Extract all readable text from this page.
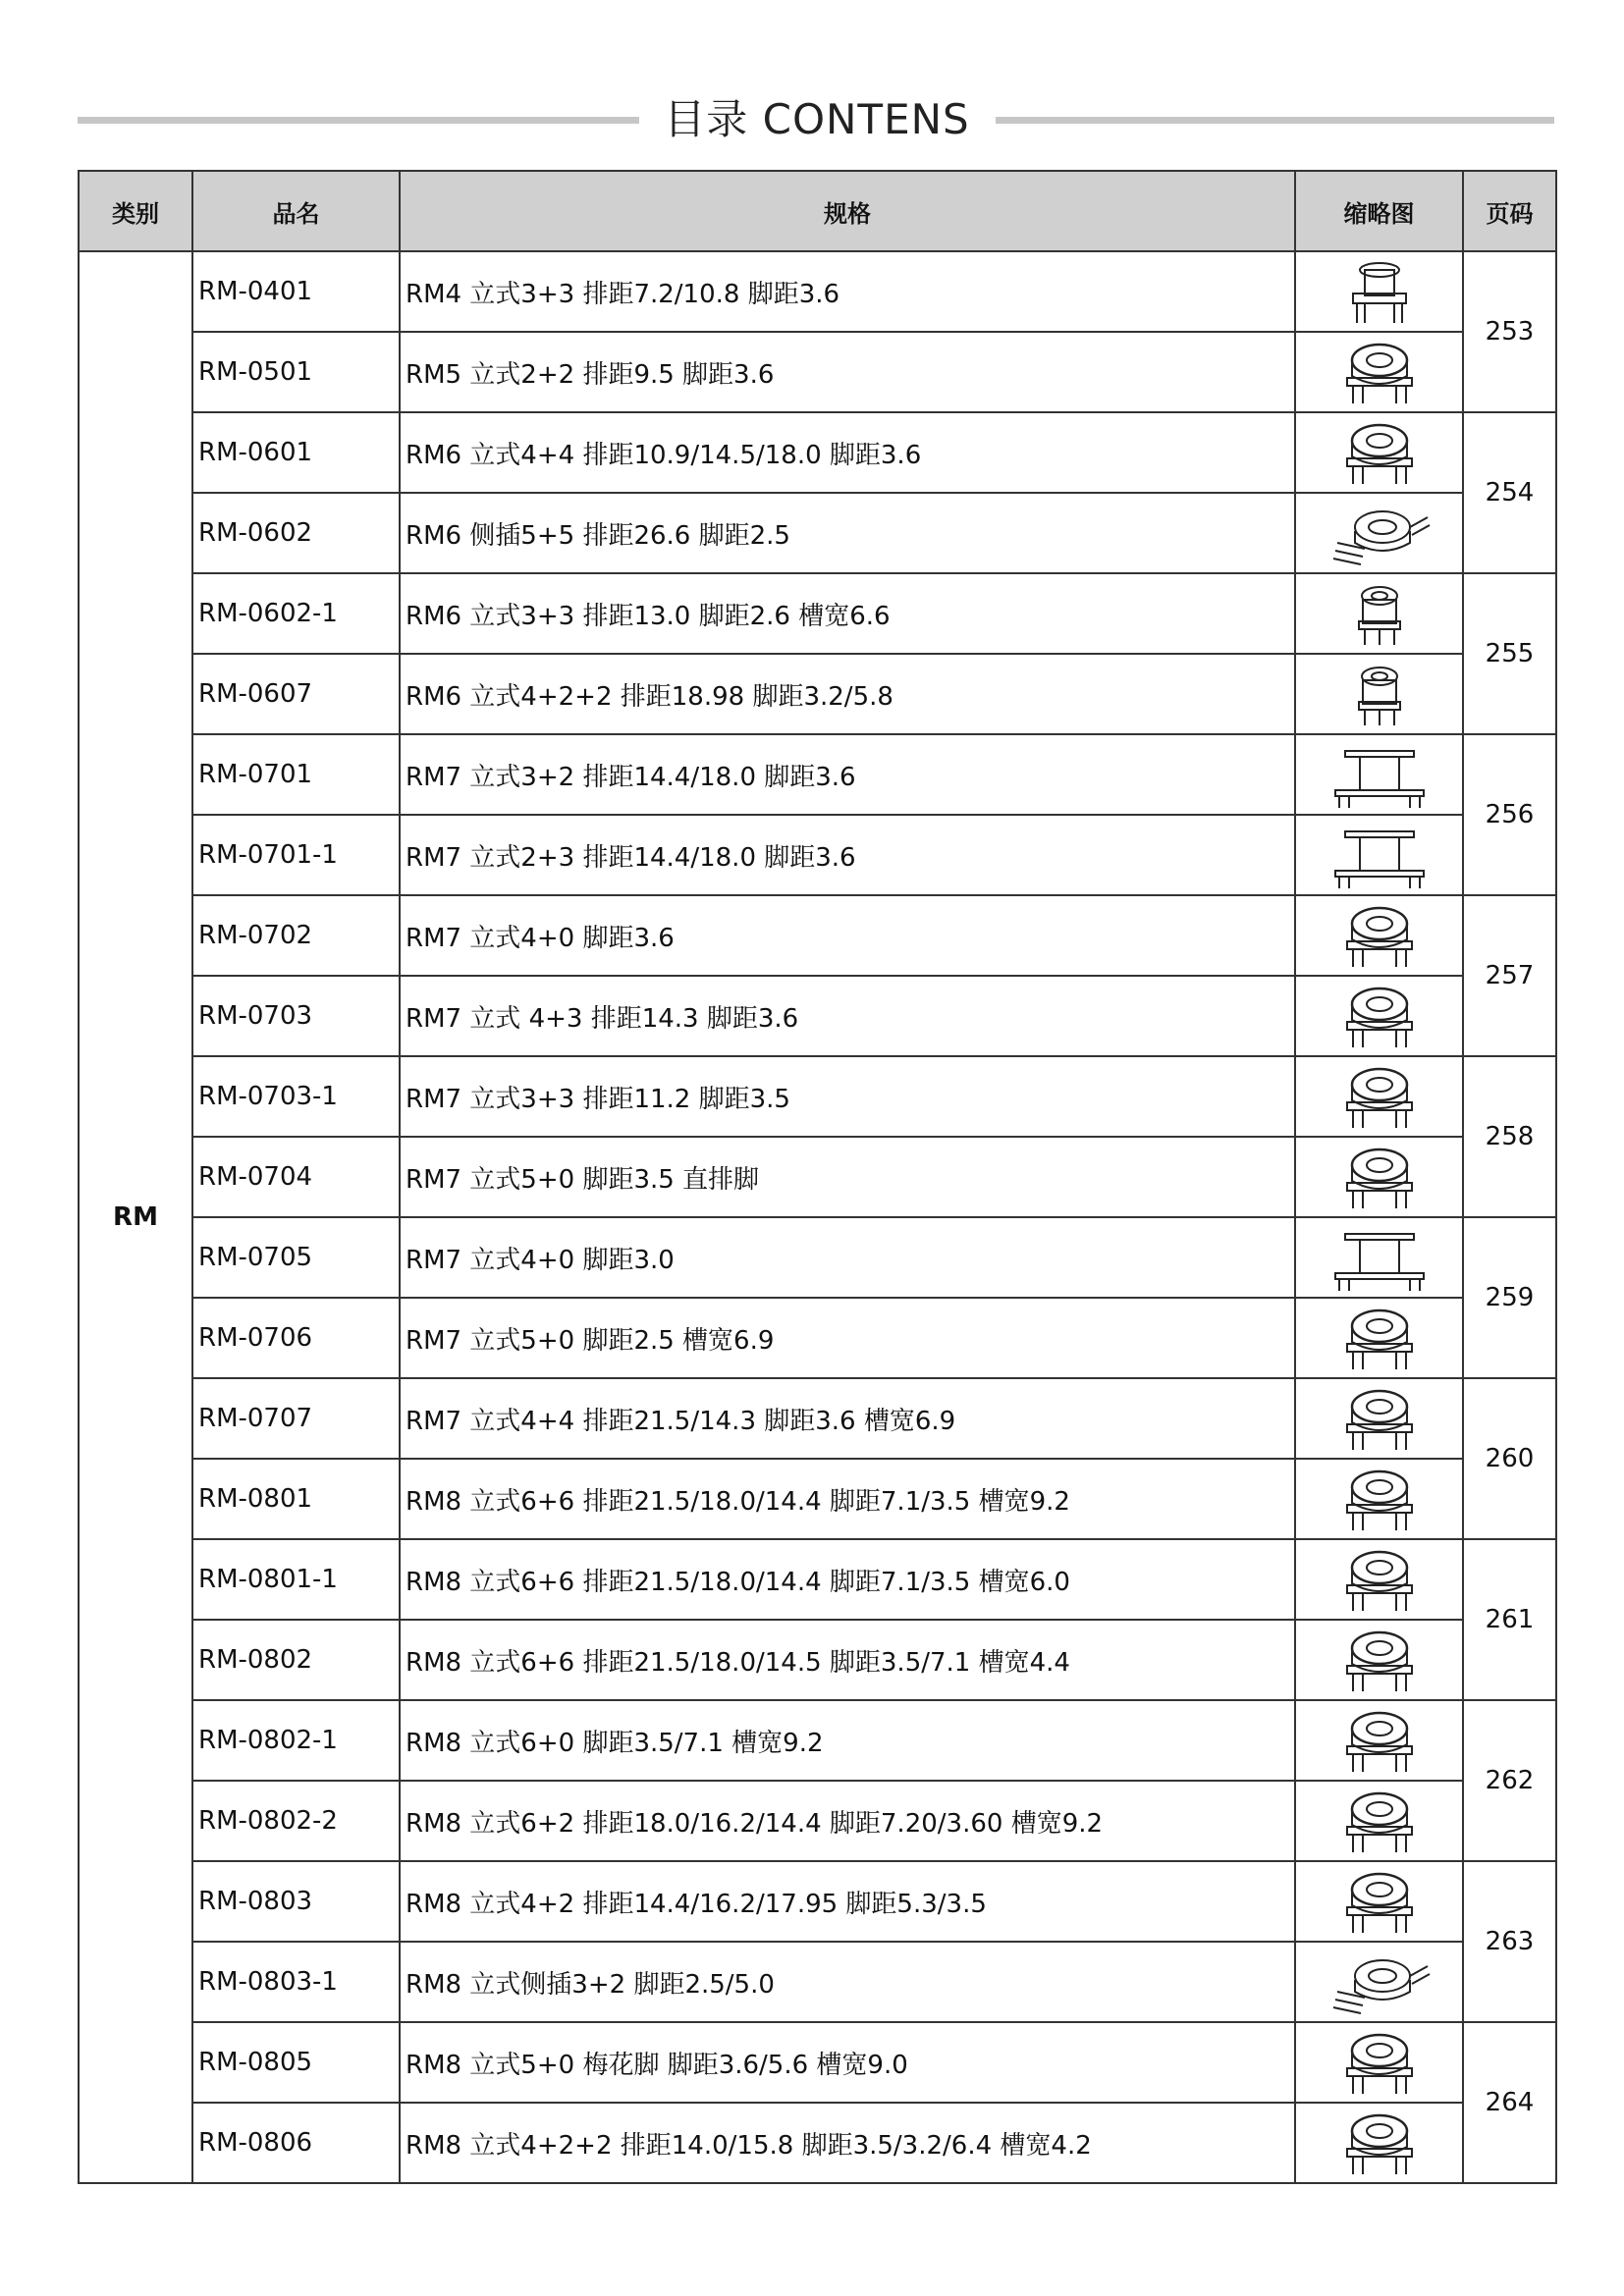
目录 CONTENS
类别	品名	规格	缩略图	页码
RM	RM-0401	RM4 立式3+3 排距7.2/10.8 脚距3.6		253
	RM-0501	RM5 立式2+2 排距9.5 脚距3.6	

	RM-0601	RM6 立式4+4 排距10.9/14.5/18.0 脚距3.6		254
	RM-0602	RM6 侧插5+5 排距26.6 脚距2.5	

	RM-0602-1	RM6 立式3+3 排距13.0 脚距2.6 槽宽6.6		255
	RM-0607	RM6 立式4+2+2 排距18.98 脚距3.2/5.8	

	RM-0701	RM7 立式3+2 排距14.4/18.0 脚距3.6		256
	RM-0701-1	RM7 立式2+3 排距14.4/18.0 脚距3.6	

	RM-0702	RM7 立式4+0 脚距3.6		257
	RM-0703	RM7 立式 4+3 排距14.3 脚距3.6	

	RM-0703-1	RM7 立式3+3 排距11.2 脚距3.5		258
	RM-0704	RM7 立式5+0 脚距3.5 直排脚	

	RM-0705	RM7 立式4+0 脚距3.0		259
	RM-0706	RM7 立式5+0 脚距2.5 槽宽6.9	

	RM-0707	RM7 立式4+4 排距21.5/14.3 脚距3.6 槽宽6.9		260
	RM-0801	RM8 立式6+6 排距21.5/18.0/14.4 脚距7.1/3.5 槽宽9.2	

	RM-0801-1	RM8 立式6+6 排距21.5/18.0/14.4 脚距7.1/3.5 槽宽6.0		261
	RM-0802	RM8 立式6+6 排距21.5/18.0/14.5 脚距3.5/7.1 槽宽4.4	

	RM-0802-1	RM8 立式6+0 脚距3.5/7.1 槽宽9.2		262
	RM-0802-2	RM8 立式6+2 排距18.0/16.2/14.4 脚距7.20/3.60 槽宽9.2	

	RM-0803	RM8 立式4+2 排距14.4/16.2/17.95 脚距5.3/3.5		263
	RM-0803-1	RM8 立式侧插3+2 脚距2.5/5.0	

	RM-0805	RM8 立式5+0 梅花脚 脚距3.6/5.6 槽宽9.0		264
	RM-0806	RM8 立式4+2+2 排距14.0/15.8 脚距3.5/3.2/6.4 槽宽4.2	
